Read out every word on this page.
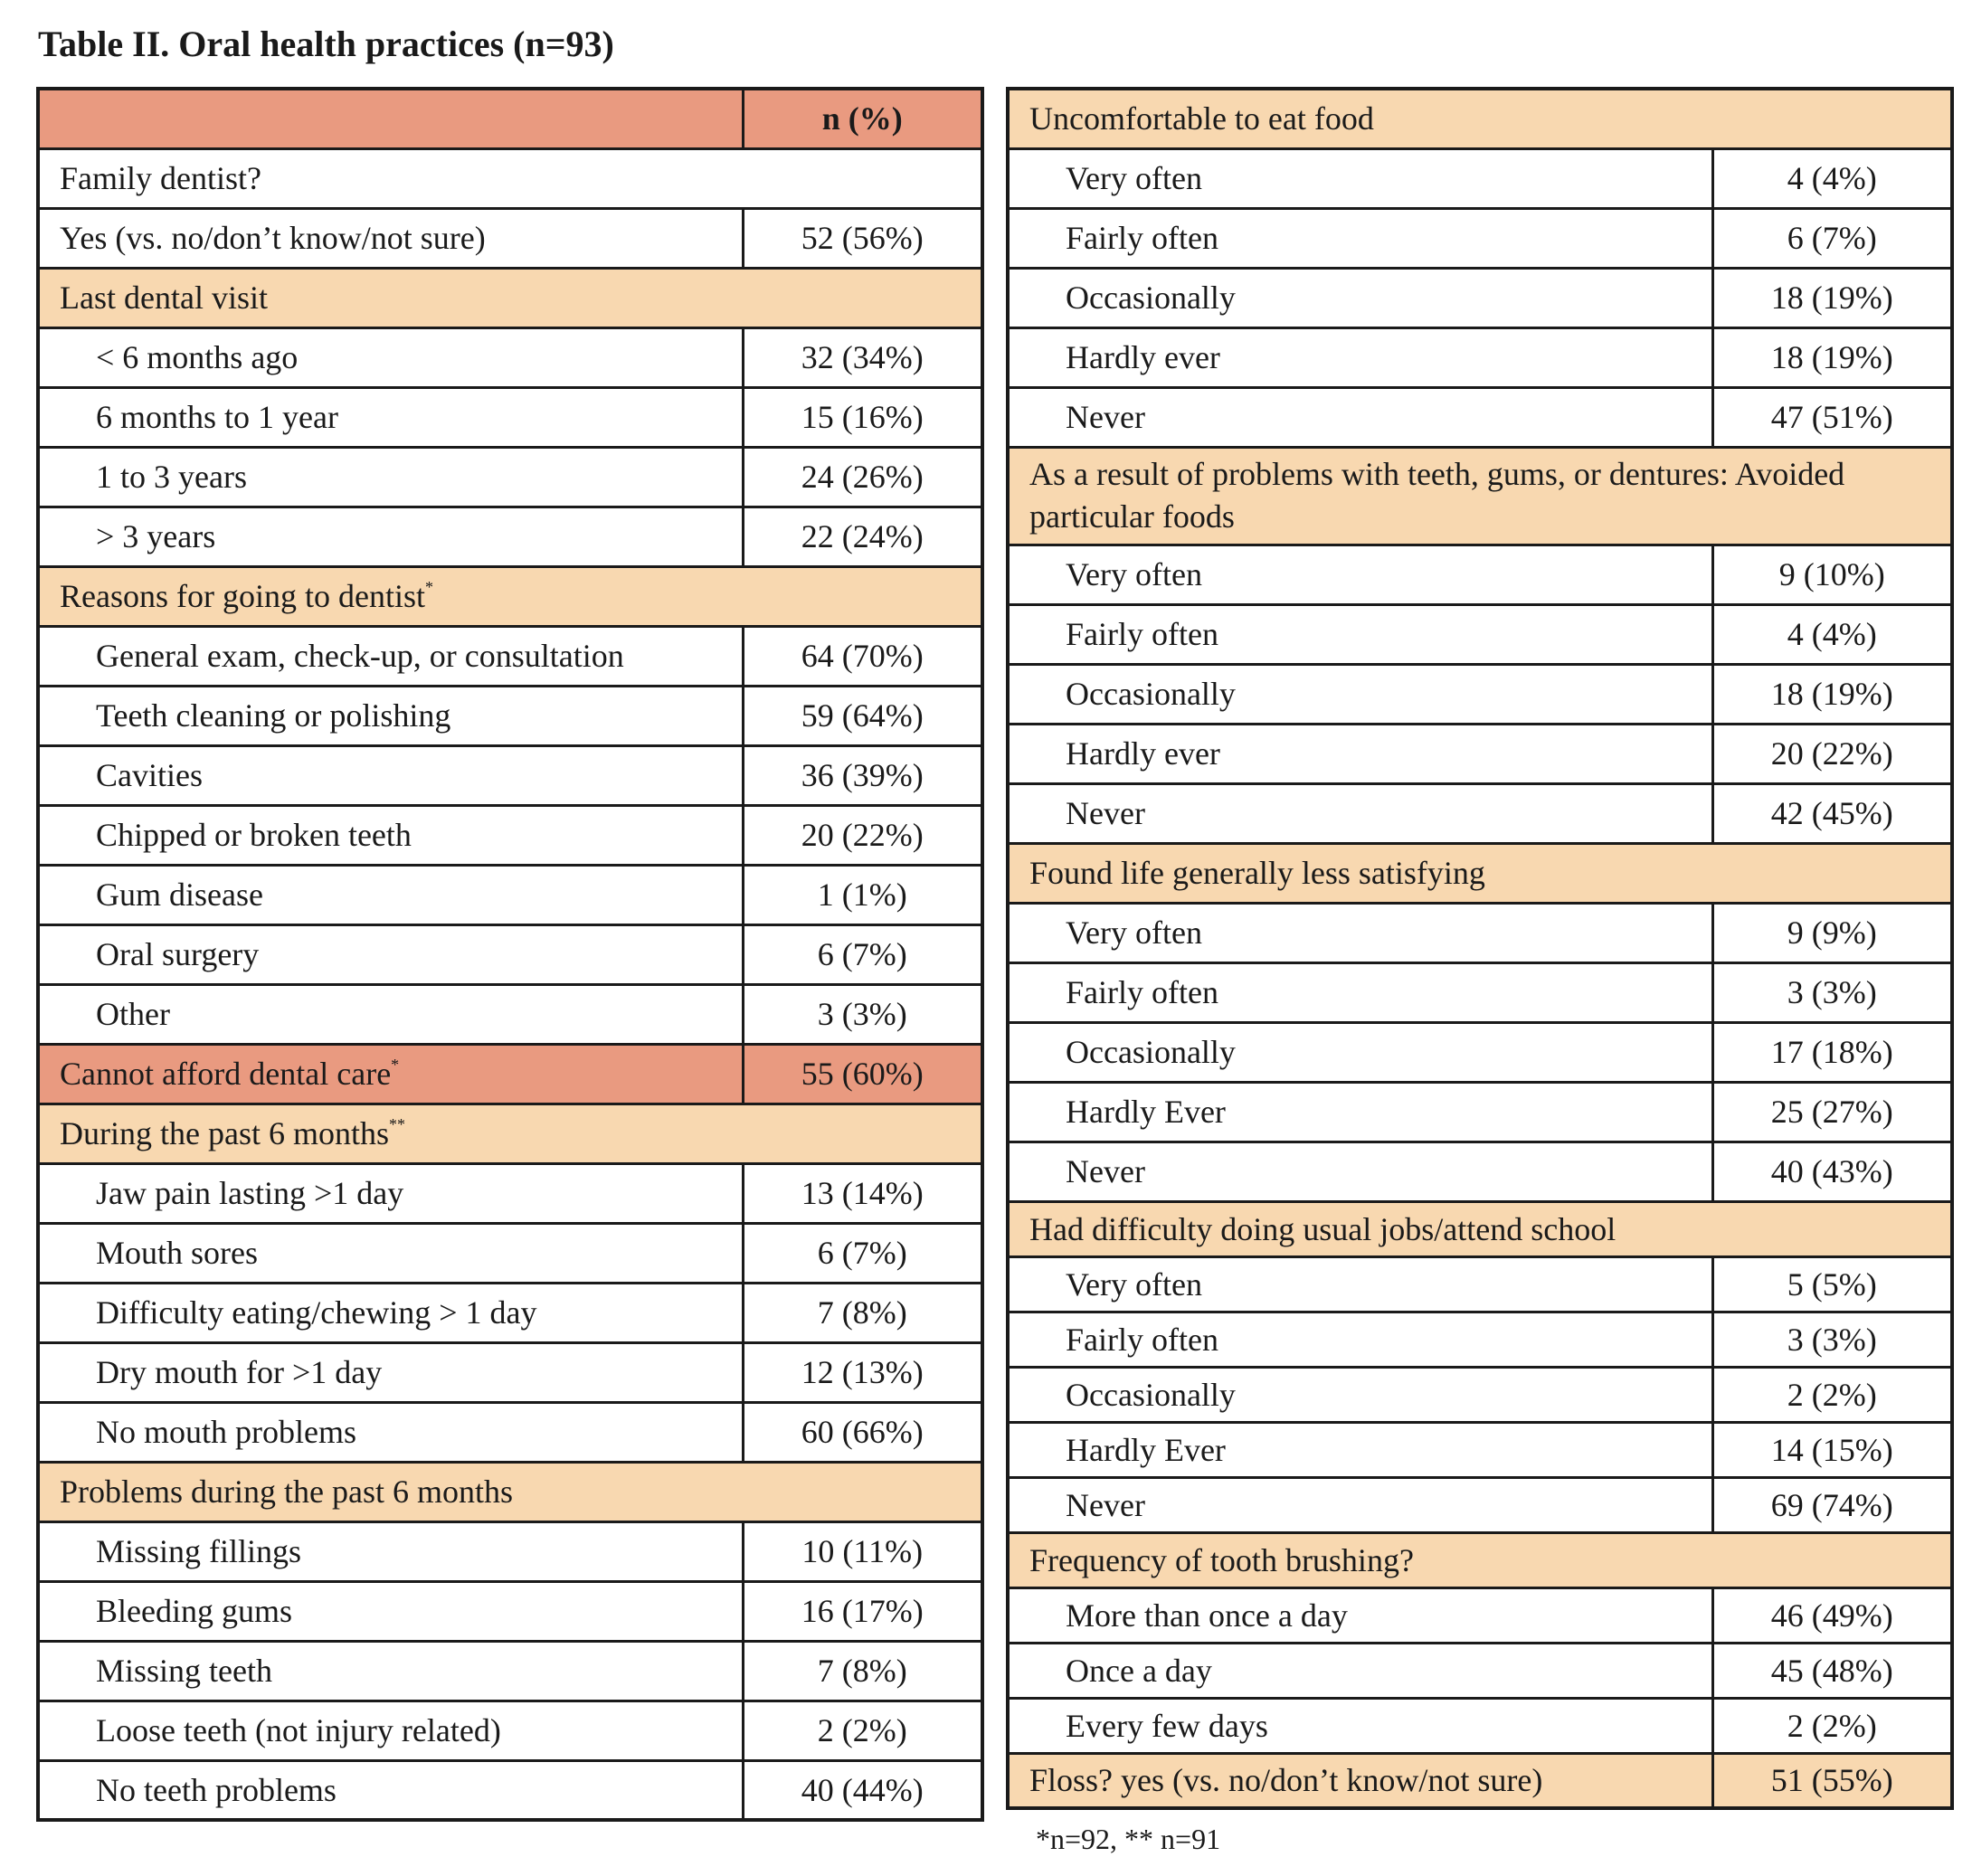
Table II. Oral health practices (n=93)
	n (%)
Family dentist?	
Yes (vs. no/don’t know/not sure)	52 (56%)
Last dental visit	
< 6 months ago	32 (34%)
6 months to 1 year	15 (16%)
1 to 3 years	24 (26%)
> 3 years	22 (24%)
Reasons for going to dentist*
General exam, check-up, or consultation	64 (70%)
Teeth cleaning or polishing	59 (64%)
Cavities	36 (39%)
Chipped or broken teeth	20 (22%)
Gum disease	1 (1%)
Oral surgery	6 (7%)
Other	3 (3%)
Cannot afford dental care*	55 (60%)
During the past 6 months**
Jaw pain lasting >1 day	13 (14%)
Mouth sores	6 (7%)
Difficulty eating/chewing > 1 day	7 (8%)
Dry mouth for >1 day	12 (13%)
No mouth problems	60 (66%)
Problems during the past 6 months	
Missing fillings	10 (11%)
Bleeding gums	16 (17%)
Missing teeth	7 (8%)
Loose teeth (not injury related)	2 (2%)
No teeth problems	40 (44%)
Uncomfortable to eat food	
Very often	4 (4%)
Fairly often	6 (7%)
Occasionally	18 (19%)
Hardly ever	18 (19%)
Never	47 (51%)
As a result of problems with teeth, gums, or dentures: Avoided particular foods	
Very often	9 (10%)
Fairly often	4 (4%)
Occasionally	18 (19%)
Hardly ever	20 (22%)
Never	42 (45%)
Found life generally less satisfying	
Very often	9 (9%)
Fairly often	3 (3%)
Occasionally	17 (18%)
Hardly Ever	25 (27%)
Never	40 (43%)
Had difficulty doing usual jobs/attend school	
Very often	5 (5%)
Fairly often	3 (3%)
Occasionally	2 (2%)
Hardly Ever	14 (15%)
Never	69 (74%)
Frequency of tooth brushing?	
More than once a day	46 (49%)
Once a day	45 (48%)
Every few days	2 (2%)
Floss? yes (vs. no/don’t know/not sure)	51 (55%)
*n=92, ** n=91
